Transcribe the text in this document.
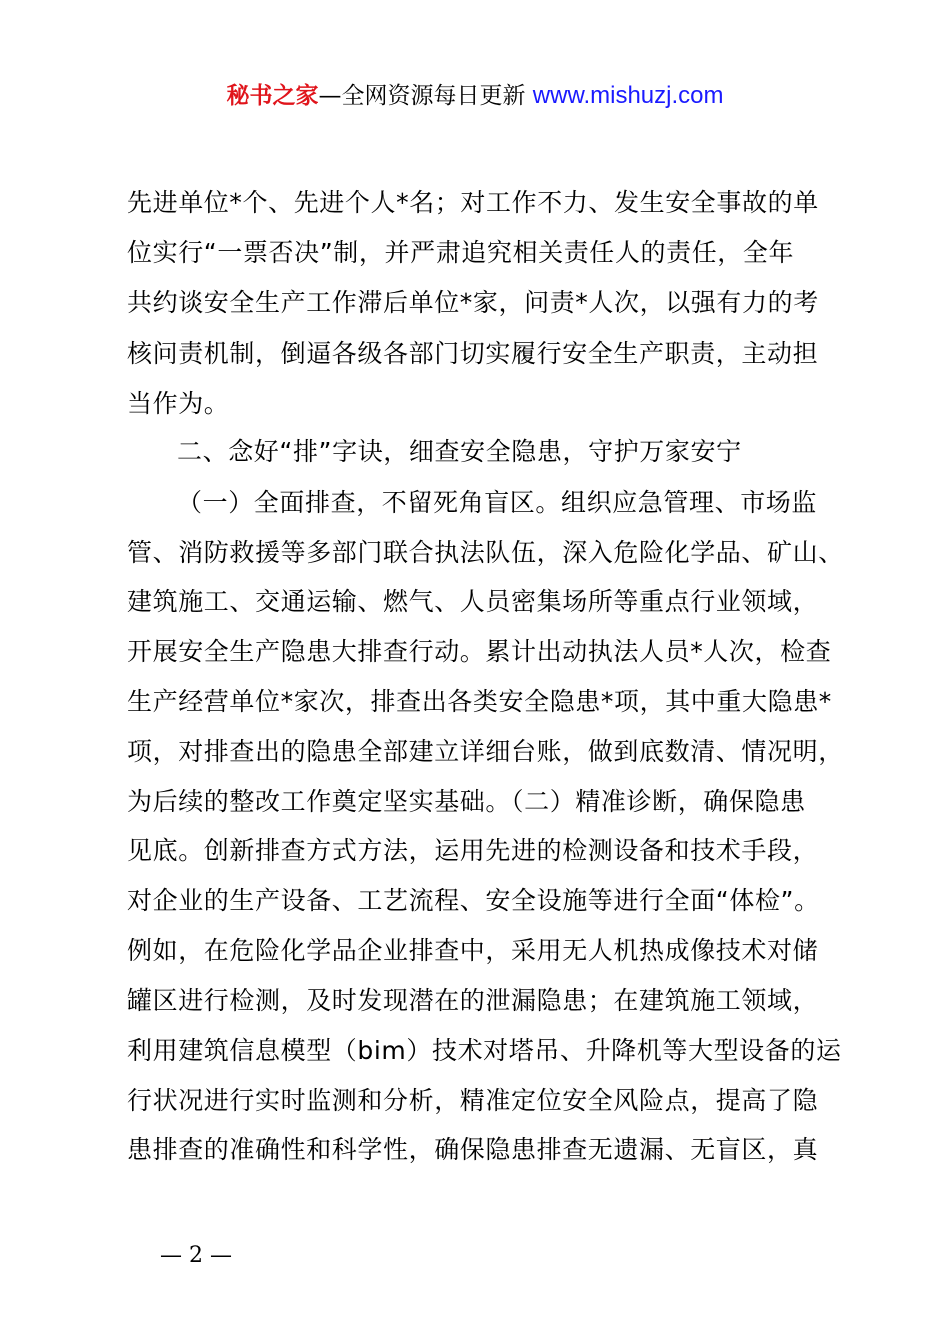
秘书之家—全网资源每日更新 www.mishuzj.com
先进单位*个、先进个人*名；对工作不力、发生安全事故的单
位实行“一票否决”制，并严肃追究相关责任人的责任，全年
共约谈安全生产工作滞后单位*家，问责*人次，以强有力的考
核问责机制，倒逼各级各部门切实履行安全生产职责，主动担
当作为。
二、念好“排”字诀，细查安全隐患，守护万家安宁
（一）全面排查，不留死角盲区。组织应急管理、市场监
管、消防救援等多部门联合执法队伍，深入危险化学品、矿山、
建筑施工、交通运输、燃气、人员密集场所等重点行业领域，
开展安全生产隐患大排查行动。累计出动执法人员*人次，检查
生产经营单位*家次，排查出各类安全隐患*项，其中重大隐患*
项，对排查出的隐患全部建立详细台账，做到底数清、情况明，
为后续的整改工作奠定坚实基础。（二）精准诊断，确保隐患
见底。创新排查方式方法，运用先进的检测设备和技术手段，
对企业的生产设备、工艺流程、安全设施等进行全面“体检”。
例如，在危险化学品企业排查中，采用无人机热成像技术对储
罐区进行检测，及时发现潜在的泄漏隐患；在建筑施工领域，
利用建筑信息模型（bim）技术对塔吊、升降机等大型设备的运
行状况进行实时监测和分析，精准定位安全风险点，提高了隐
患排查的准确性和科学性，确保隐患排查无遗漏、无盲区，真
— 2 —
